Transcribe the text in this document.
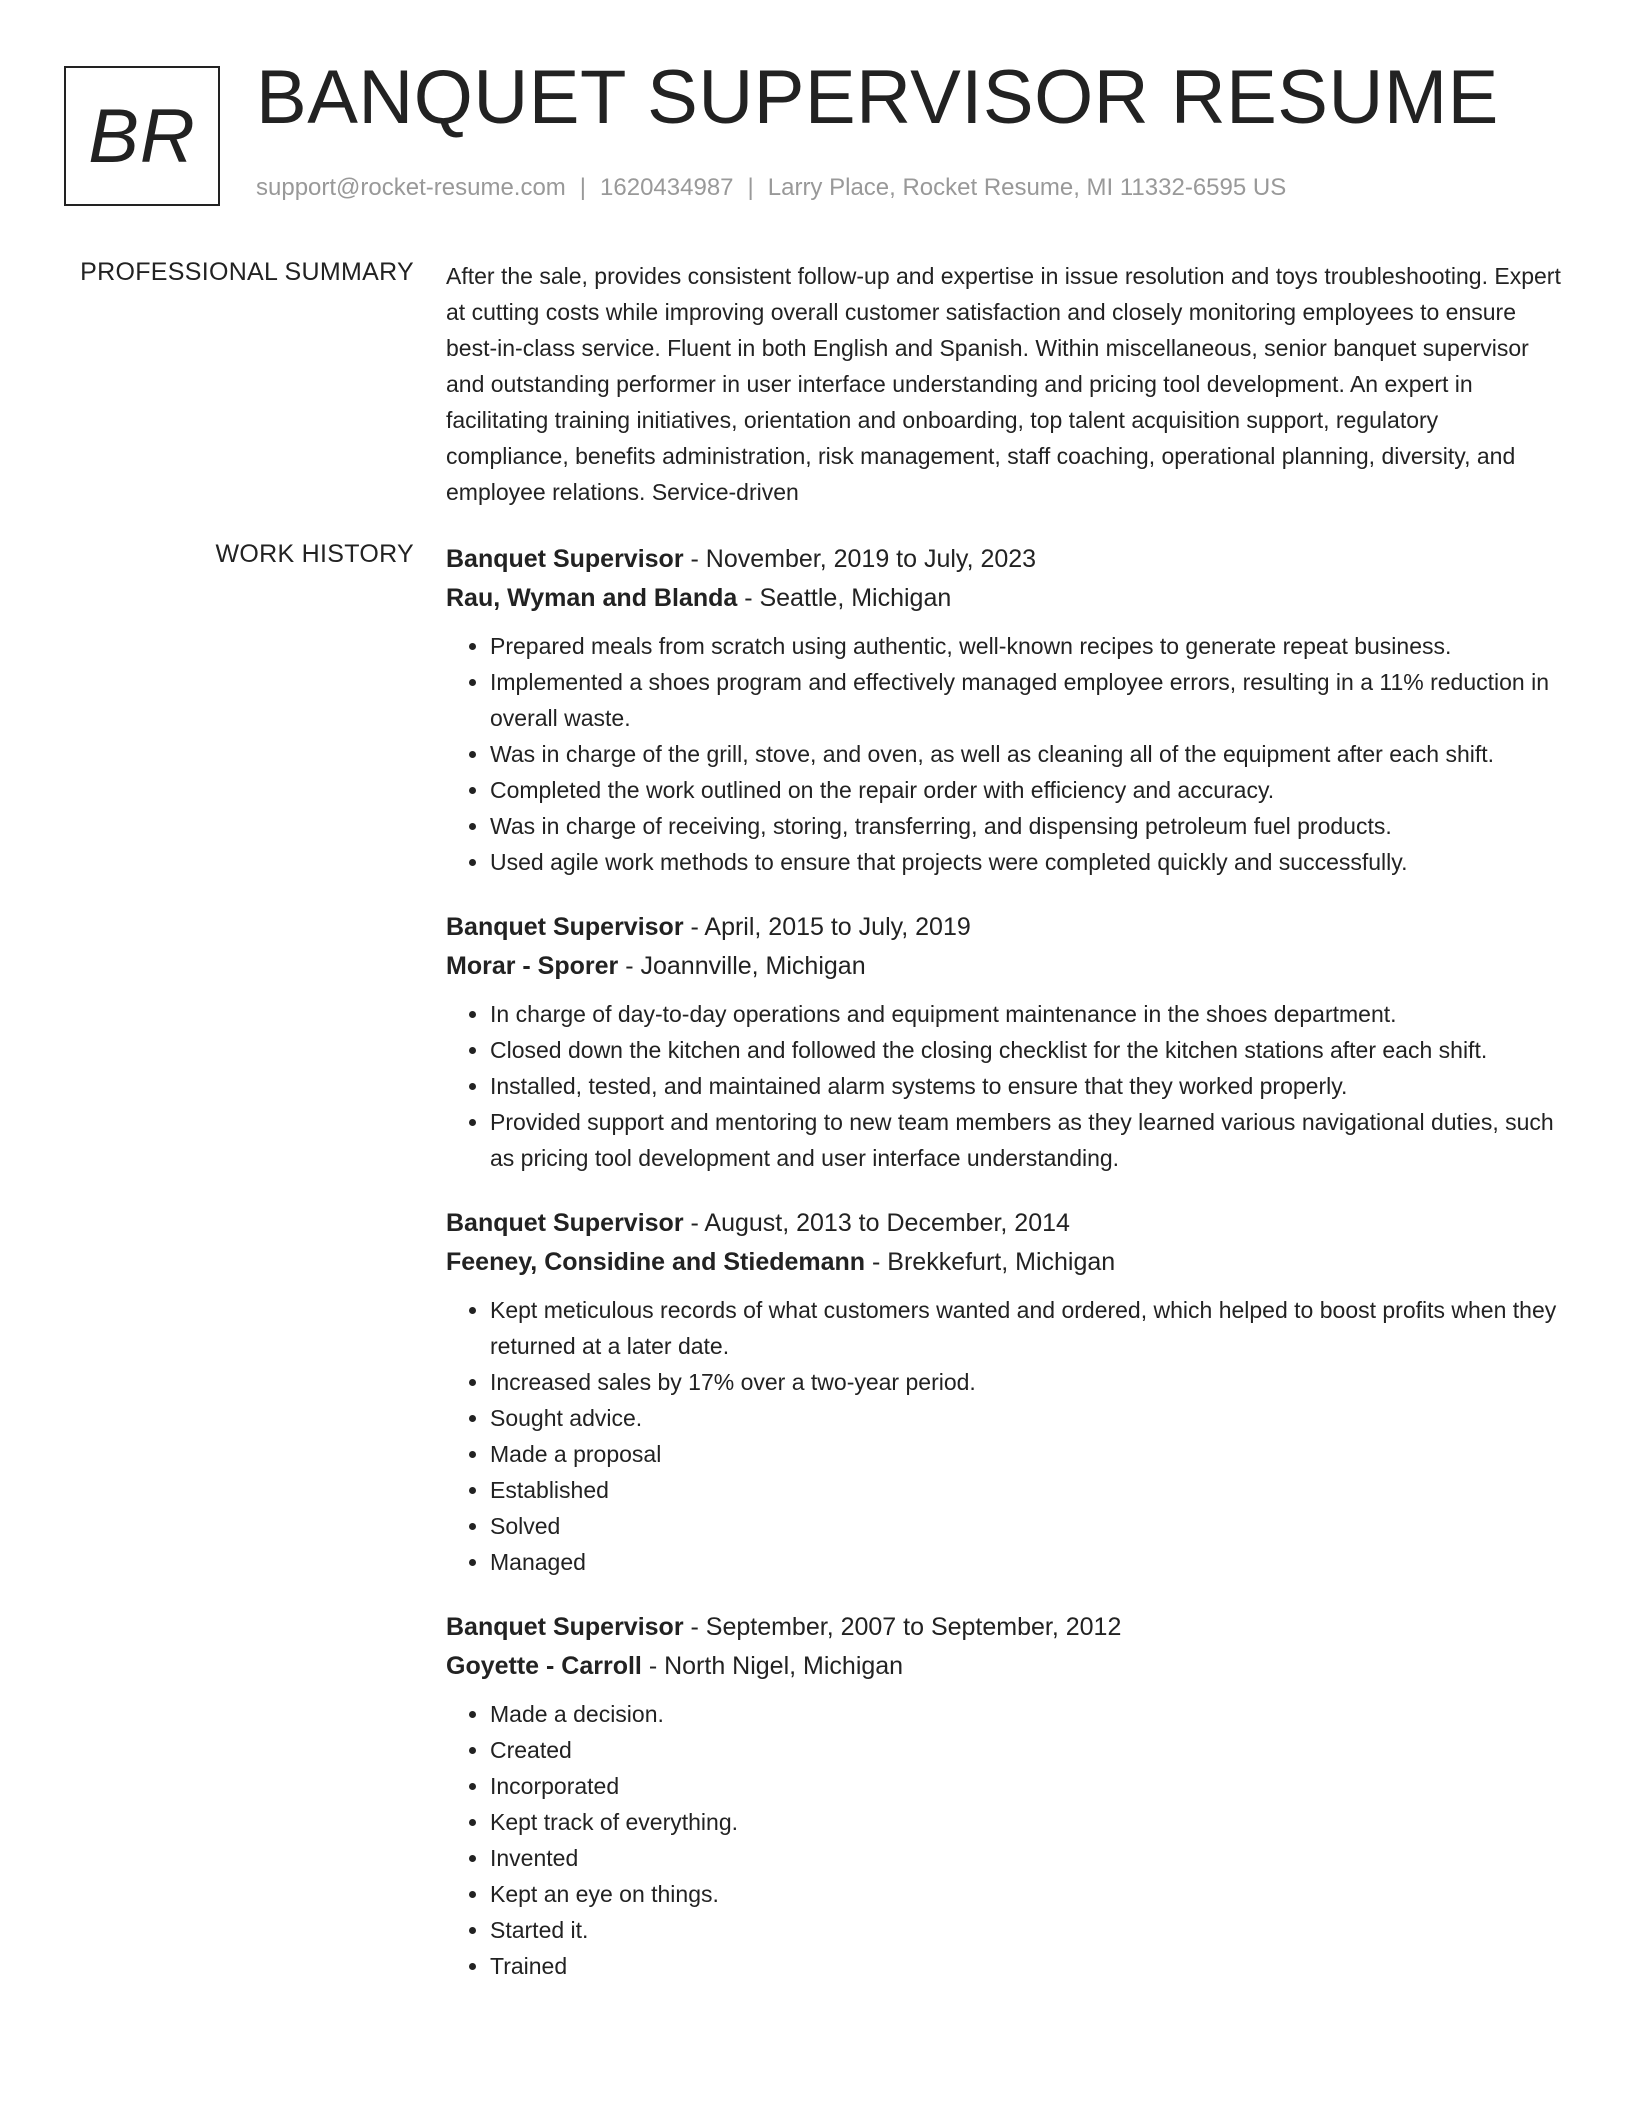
BR BANQUET SUPERVISOR RESUME
support@rocket-resume.com | 1620434987 | Larry Place, Rocket Resume, MI 11332-6595 US
PROFESSIONAL SUMMARY After the sale, provides consistent follow-up and expertise in issue resolution and toys troubleshooting. Expert at cutting costs while improving overall customer satisfaction and closely monitoring employees to ensure best-in-class service. Fluent in both English and Spanish. Within miscellaneous, senior banquet supervisor and outstanding performer in user interface understanding and pricing tool development. An expert in facilitating training initiatives, orientation and onboarding, top talent acquisition support, regulatory compliance, benefits administration, risk management, staff coaching, operational planning, diversity, and employee relations. Service-driven

WORK HISTORY Banquet Supervisor - November, 2019 to July, 2023
Rau, Wyman and Blanda - Seattle, Michigan
• Prepared meals from scratch using authentic, well-known recipes to generate repeat business.
• Implemented a shoes program and effectively managed employee errors, resulting in a 11% reduction in overall waste.
• Was in charge of the grill, stove, and oven, as well as cleaning all of the equipment after each shift.
• Completed the work outlined on the repair order with efficiency and accuracy.
• Was in charge of receiving, storing, transferring, and dispensing petroleum fuel products.
• Used agile work methods to ensure that projects were completed quickly and successfully.
Banquet Supervisor - April, 2015 to July, 2019
Morar - Sporer - Joannville, Michigan
• In charge of day-to-day operations and equipment maintenance in the shoes department.
• Closed down the kitchen and followed the closing checklist for the kitchen stations after each shift.
• Installed, tested, and maintained alarm systems to ensure that they worked properly.
• Provided support and mentoring to new team members as they learned various navigational duties, such as pricing tool development and user interface understanding.
Banquet Supervisor - August, 2013 to December, 2014
Feeney, Considine and Stiedemann - Brekkefurt, Michigan
• Kept meticulous records of what customers wanted and ordered, which helped to boost profits when they returned at a later date.
• Increased sales by 17% over a two-year period.
• Sought advice.
• Made a proposal
• Established
• Solved
• Managed
Banquet Supervisor - September, 2007 to September, 2012
Goyette - Carroll - North Nigel, Michigan
• Made a decision.
• Created
• Incorporated
• Kept track of everything.
• Invented
• Kept an eye on things.
• Started it.
• Trained
